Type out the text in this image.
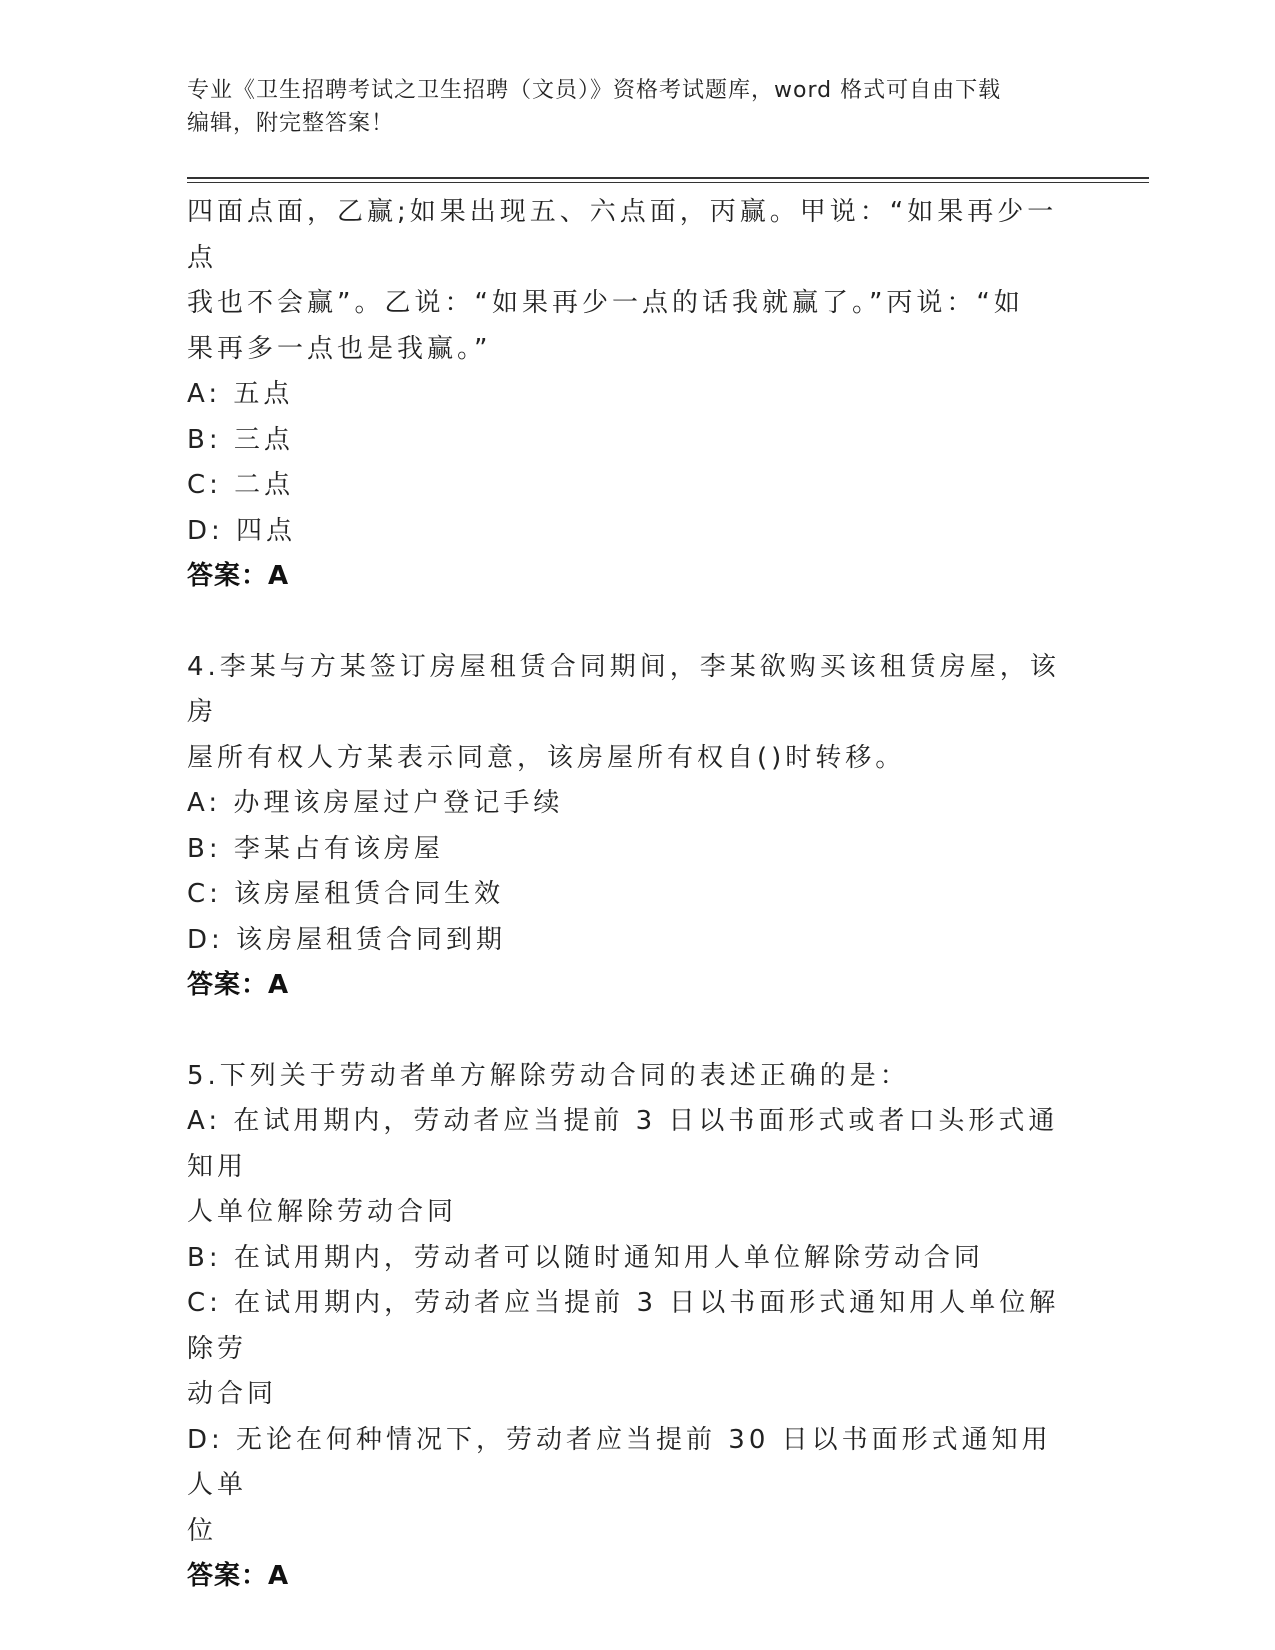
专业《卫生招聘考试之卫生招聘（文员）》资格考试题库，word 格式可自由下载
编辑，附完整答案！
四面点面，乙赢;如果出现五、六点面，丙赢。甲说：“如果再少一点
我也不会赢”。乙说：“如果再少一点的话我就赢了。”丙说：“如
果再多一点也是我赢。”
A: 五点
B: 三点
C: 二点
D: 四点
答案：A
4.李某与方某签订房屋租赁合同期间，李某欲购买该租赁房屋，该房
屋所有权人方某表示同意，该房屋所有权自()时转移。
A: 办理该房屋过户登记手续
B: 李某占有该房屋
C: 该房屋租赁合同生效
D: 该房屋租赁合同到期
答案：A
5.下列关于劳动者单方解除劳动合同的表述正确的是：
A: 在试用期内，劳动者应当提前 3 日以书面形式或者口头形式通知用
人单位解除劳动合同
B: 在试用期内，劳动者可以随时通知用人单位解除劳动合同
C: 在试用期内，劳动者应当提前 3 日以书面形式通知用人单位解除劳
动合同
D: 无论在何种情况下，劳动者应当提前 30 日以书面形式通知用人单
位
答案：A
